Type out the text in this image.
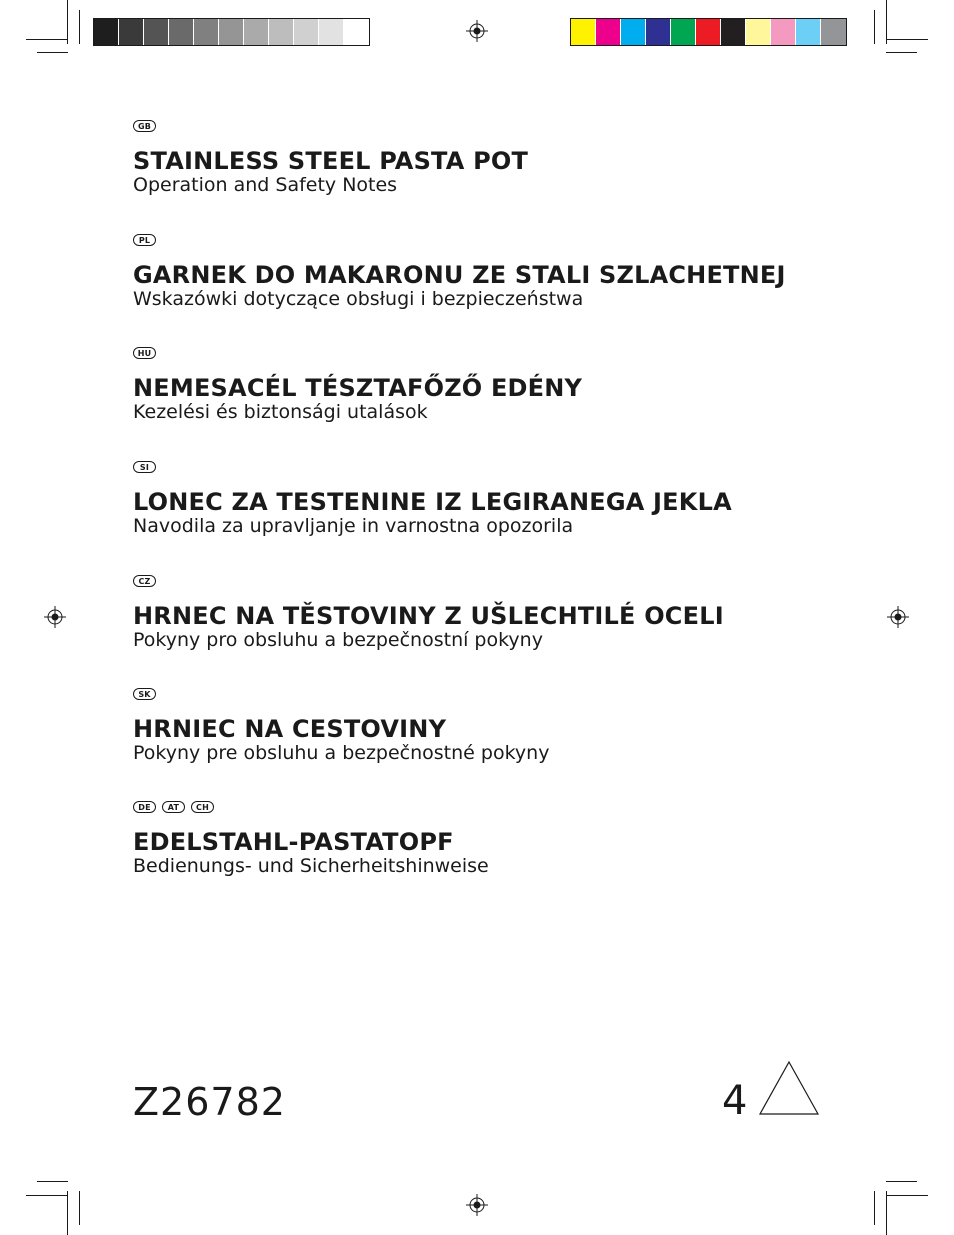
GB
STAINLESS STEEL PASTA POT
Operation and Safety Notes
PL
GARNEK DO MAKARONU ZE STALI SZLACHETNEJ
Wskazówki dotyczące obsługi i bezpieczeństwa
HU
NEMESACÉL TÉSZTAFŐZŐ EDÉNY
Kezelési és biztonsági utalások
SI
LONEC ZA TESTENINE IZ LEGIRANEGA JEKLA
Navodila za upravljanje in varnostna opozorila
CZ
HRNEC NA TĚSTOVINY Z UŠLECHTILÉ OCELI
Pokyny pro obsluhu a bezpečnostní pokyny
SK
HRNIEC NA CESTOVINY
Pokyny pre obsluhu a bezpečnostné pokyny
DE	AT	CH
EDELSTAHL-PASTATOPF
Bedienungs- und Sicherheitshinweise
Z26782	4
